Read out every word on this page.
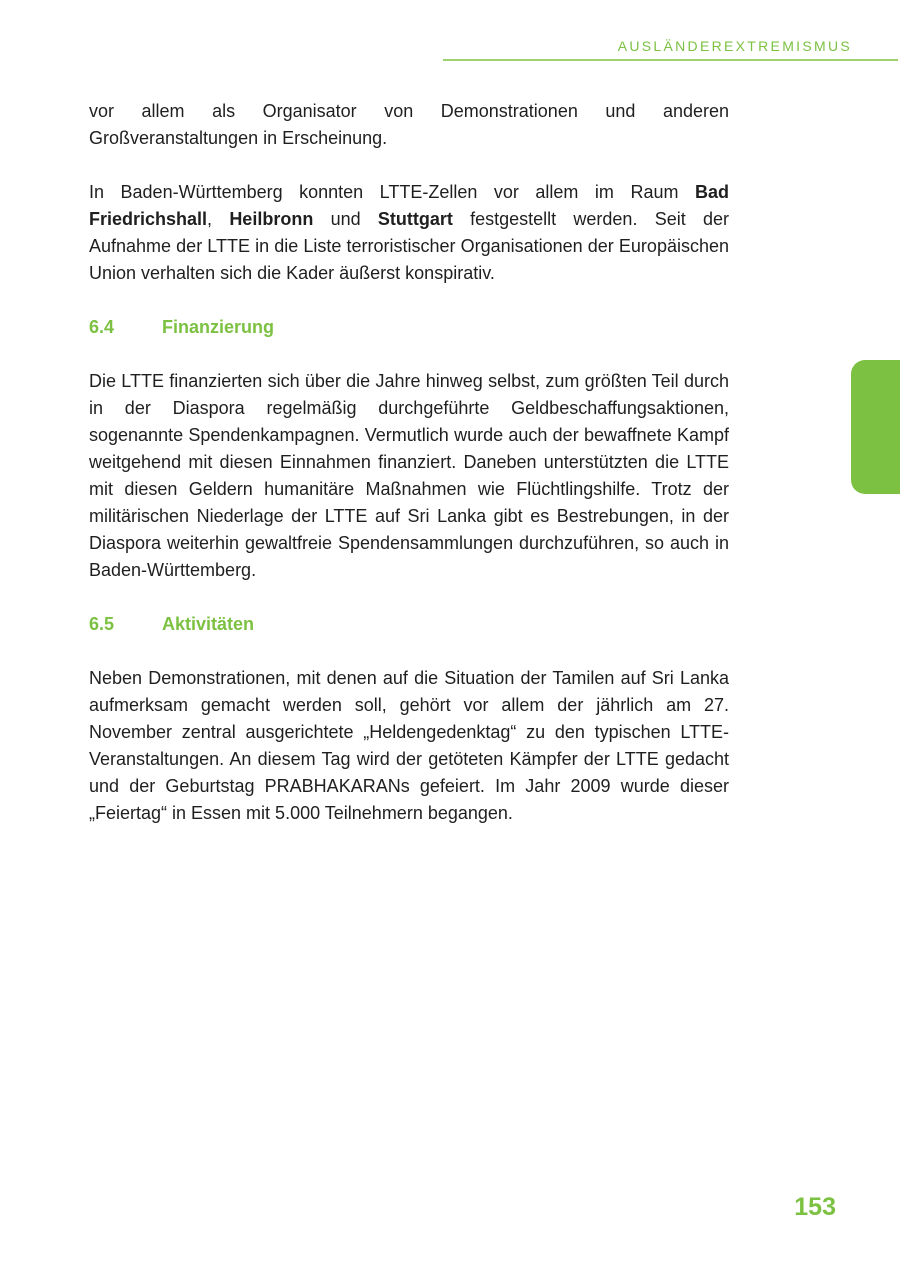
AUSLÄNDEREXTREMISMUS

vor allem als Organisator von Demonstrationen und anderen Großveranstaltungen in Erscheinung.

In Baden-Württemberg konnten LTTE-Zellen vor allem im Raum Bad Friedrichshall, Heilbronn und Stuttgart festgestellt werden. Seit der Aufnahme der LTTE in die Liste terroristischer Organisationen der Europäischen Union verhalten sich die Kader äußerst konspirativ.

6.4	Finanzierung

Die LTTE finanzierten sich über die Jahre hinweg selbst, zum größten Teil durch in der Diaspora regelmäßig durchgeführte Geldbeschaffungsaktionen, sogenannte Spendenkampagnen. Vermutlich wurde auch der bewaffnete Kampf weitgehend mit diesen Einnahmen finanziert. Daneben unterstützten die LTTE mit diesen Geldern humanitäre Maßnahmen wie Flüchtlingshilfe. Trotz der militärischen Niederlage der LTTE auf Sri Lanka gibt es Bestrebungen, in der Diaspora weiterhin gewaltfreie Spendensammlungen durchzuführen, so auch in Baden-Württemberg.

6.5	Aktivitäten

Neben Demonstrationen, mit denen auf die Situation der Tamilen auf Sri Lanka aufmerksam gemacht werden soll, gehört vor allem der jährlich am 27. November zentral ausgerichtete „Heldengedenktag“ zu den typischen LTTE-Veranstaltungen. An diesem Tag wird der getöteten Kämpfer der LTTE gedacht und der Geburtstag PRABHAKARANs gefeiert. Im Jahr 2009 wurde dieser „Feiertag“ in Essen mit 5.000 Teilnehmern begangen.

153
